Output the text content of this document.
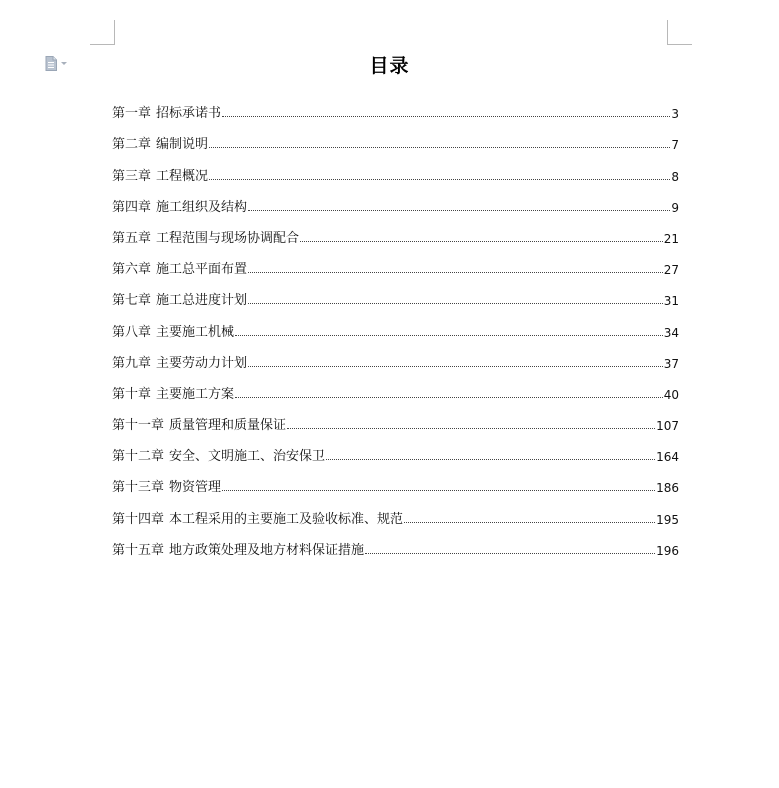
目录
第一章 招标承诺书	3
第二章 编制说明	7
第三章 工程概况	8
第四章 施工组织及结构	9
第五章 工程范围与现场协调配合	21
第六章 施工总平面布置	27
第七章 施工总进度计划	31
第八章 主要施工机械	34
第九章 主要劳动力计划	37
第十章 主要施工方案	40
第十一章 质量管理和质量保证	107
第十二章 安全、文明施工、治安保卫	164
第十三章 物资管理	186
第十四章 本工程采用的主要施工及验收标准、规范	195
第十五章 地方政策处理及地方材料保证措施	196
